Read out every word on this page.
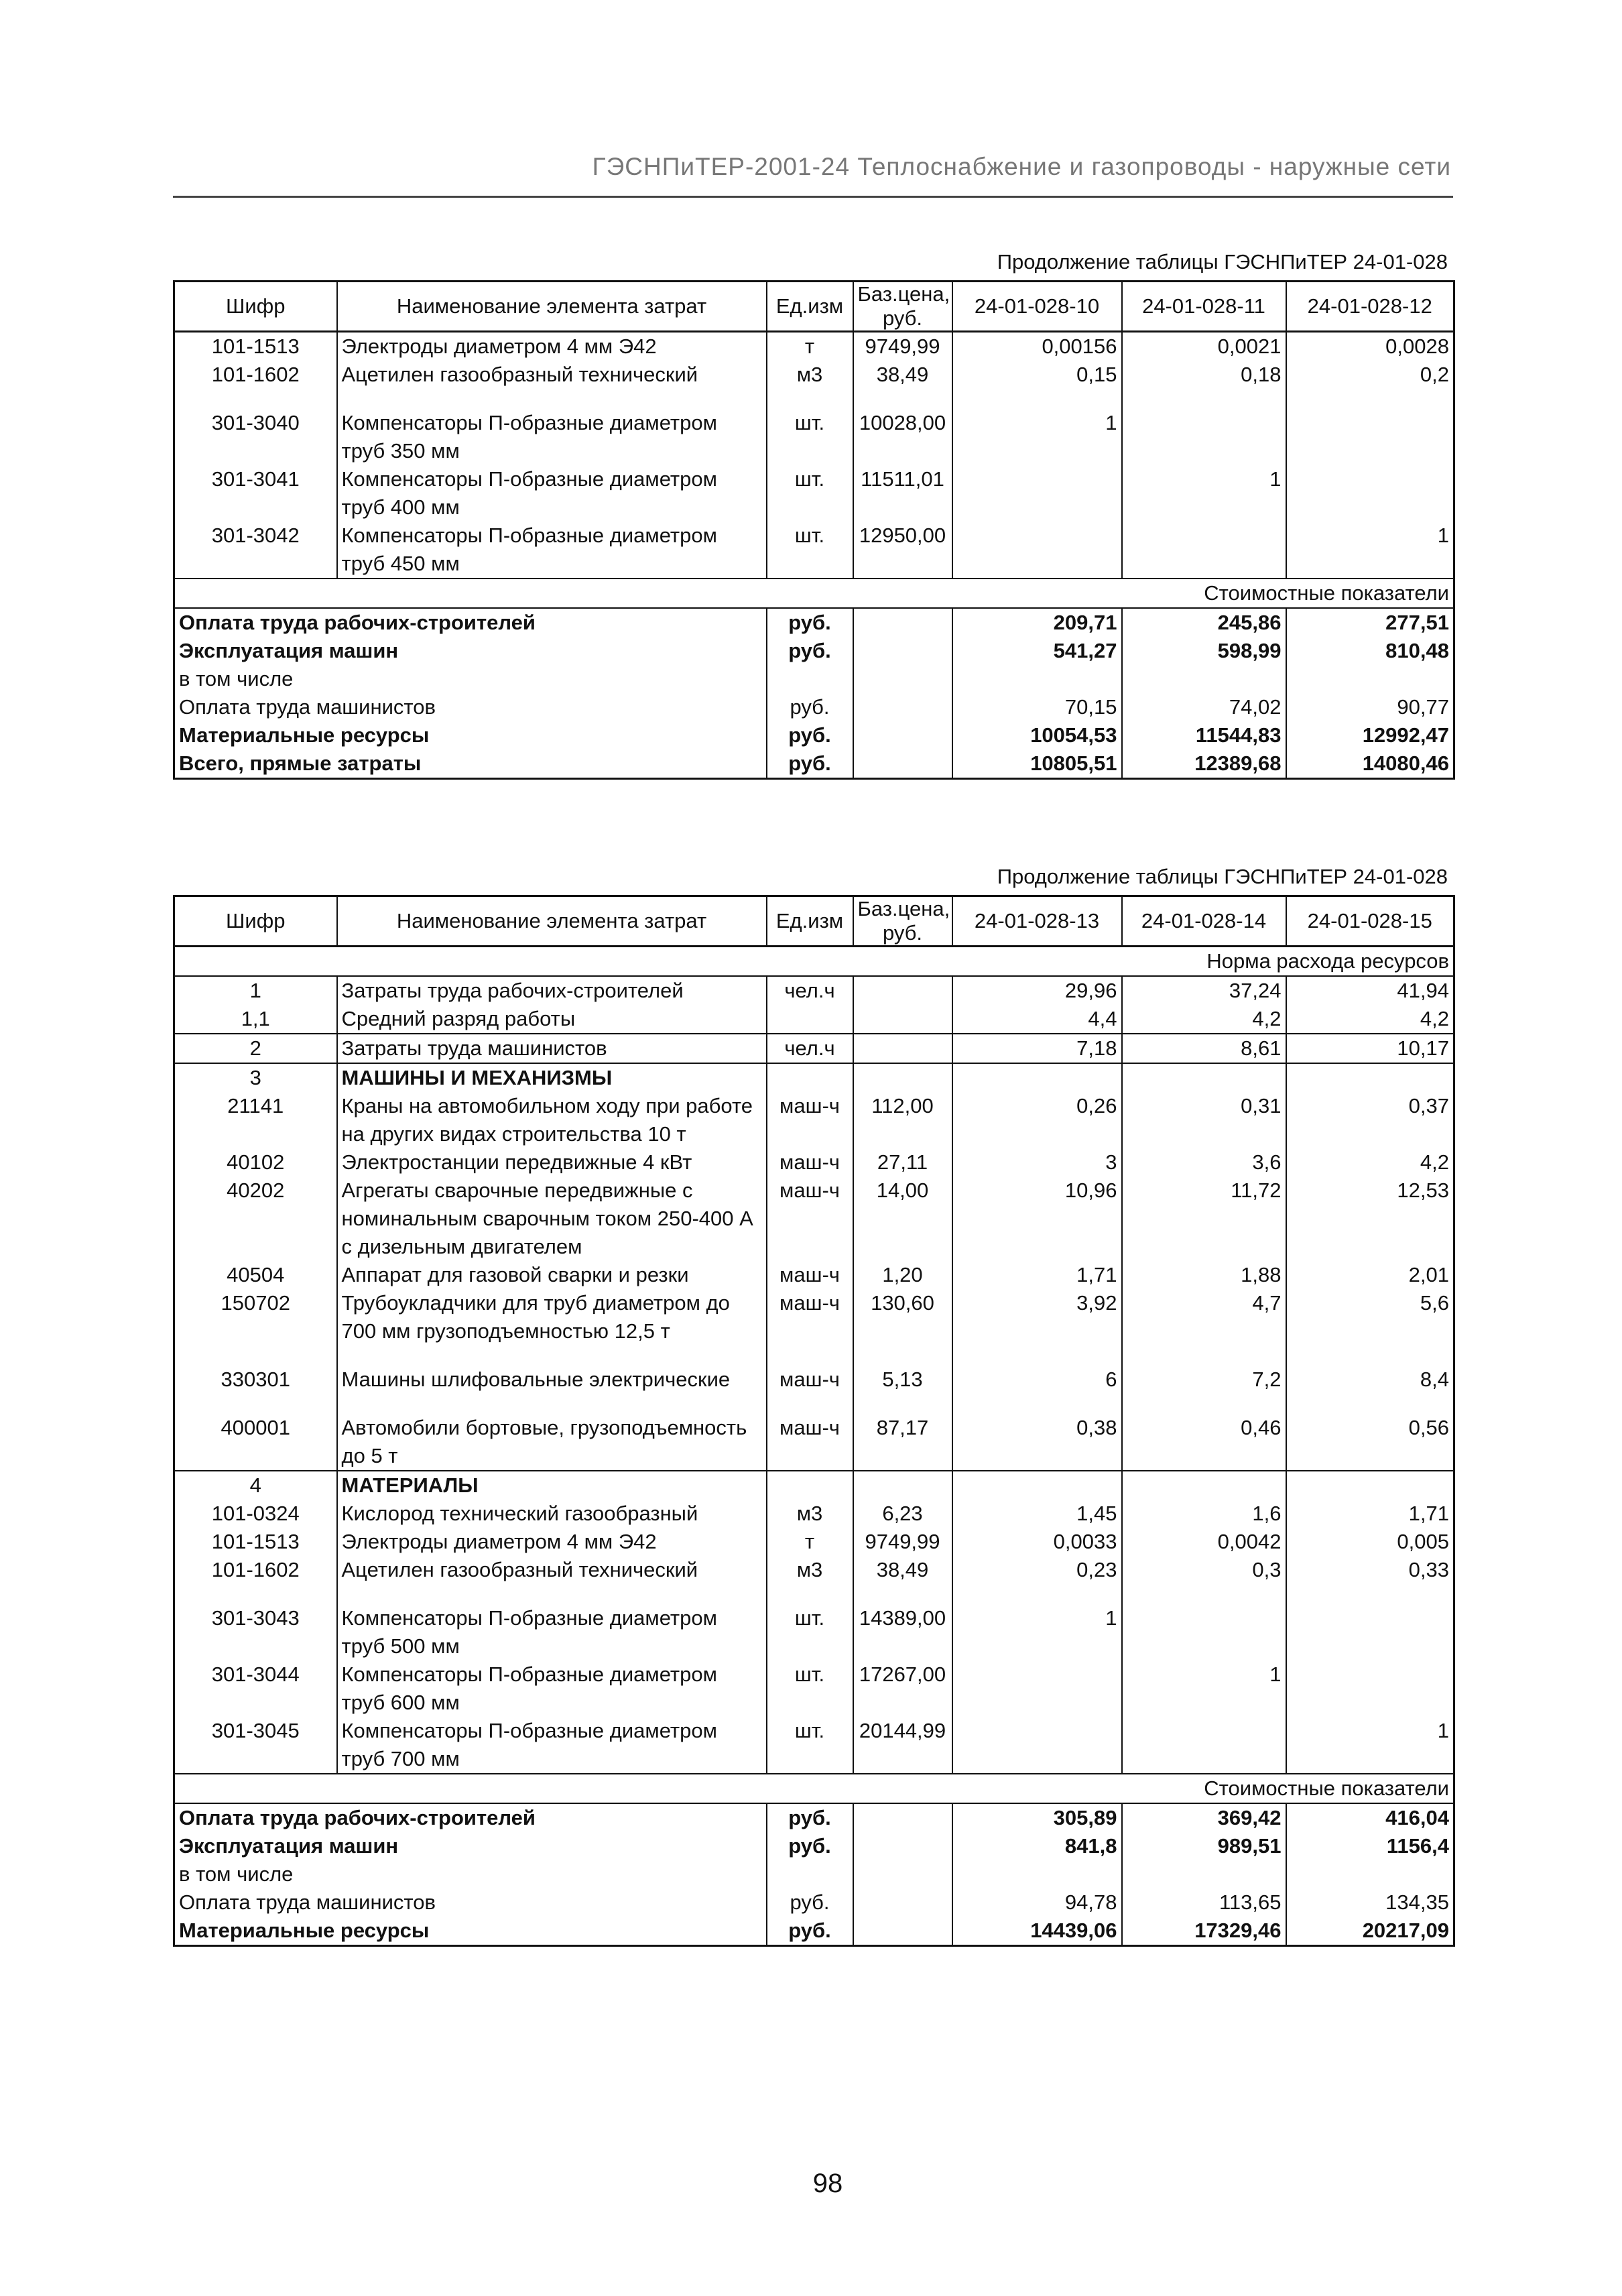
ГЭСНПиТЕР-2001-24 Теплоснабжение и газопроводы - наружные сети
Продолжение таблицы ГЭСНПиТЕР 24-01-028
Шифр	Наименование элемента затрат	Ед.изм	Баз.цена, руб.	24-01-028-10	24-01-028-11	24-01-028-12
101-1513	Электроды диаметром 4 мм Э42	т	9749,99	0,00156	0,0021	0,0028
101-1602	Ацетилен газообразный технический	м3	38,49	0,15	0,18	0,2

301-3040	Компенсаторы П-образные диаметром труб 350 мм	шт.	10028,00	1		
301-3041	Компенсаторы П-образные диаметром труб 400 мм	шт.	11511,01		1	
301-3042	Компенсаторы П-образные диаметром труб 450 мм	шт.	12950,00			1
				Стоимостные показатели		
Оплата труда рабочих-строителей		руб.		209,71	245,86	277,51
Эксплуатация машин		руб.		541,27	598,99	810,48
в том числе						
Оплата труда машинистов		руб.		70,15	74,02	90,77
Материальные ресурсы		руб.		10054,53	11544,83	12992,47
Всего, прямые затраты		руб.		10805,51	12389,68	14080,46
Продолжение таблицы ГЭСНПиТЕР 24-01-028
Шифр	Наименование элемента затрат	Ед.изм	Баз.цена, руб.	24-01-028-13	24-01-028-14	24-01-028-15
				Норма расхода ресурсов		
1	Затраты труда рабочих-строителей	чел.ч		29,96	37,24	41,94
1,1	Средний разряд работы			4,4	4,2	4,2
2	Затраты труда машинистов	чел.ч		7,18	8,61	10,17
3	МАШИНЫ И МЕХАНИЗМЫ					
21141	Краны на автомобильном ходу при работе на других видах строительства 10 т	маш-ч	112,00	0,26	0,31	0,37
40102	Электростанции передвижные 4 кВт	маш-ч	27,11	3	3,6	4,2
40202	Агрегаты сварочные передвижные с номинальным сварочным током 250-400 А с дизельным двигателем	маш-ч	14,00	10,96	11,72	12,53
40504	Аппарат для газовой сварки и резки	маш-ч	1,20	1,71	1,88	2,01
150702	Трубоукладчики для труб диаметром до 700 мм грузоподъемностью 12,5 т	маш-ч	130,60	3,92	4,7	5,6

330301	Машины шлифовальные электрические	маш-ч	5,13	6	7,2	8,4

400001	Автомобили бортовые, грузоподъемность до 5 т	маш-ч	87,17	0,38	0,46	0,56
4	МАТЕРИАЛЫ					
101-0324	Кислород технический газообразный	м3	6,23	1,45	1,6	1,71
101-1513	Электроды диаметром 4 мм Э42	т	9749,99	0,0033	0,0042	0,005
101-1602	Ацетилен газообразный технический	м3	38,49	0,23	0,3	0,33

301-3043	Компенсаторы П-образные диаметром труб 500 мм	шт.	14389,00	1		
301-3044	Компенсаторы П-образные диаметром труб 600 мм	шт.	17267,00		1	
301-3045	Компенсаторы П-образные диаметром труб 700 мм	шт.	20144,99			1
				Стоимостные показатели		
Оплата труда рабочих-строителей		руб.		305,89	369,42	416,04
Эксплуатация машин		руб.		841,8	989,51	1156,4
в том числе						
Оплата труда машинистов		руб.		94,78	113,65	134,35
Материальные ресурсы		руб.		14439,06	17329,46	20217,09
98
